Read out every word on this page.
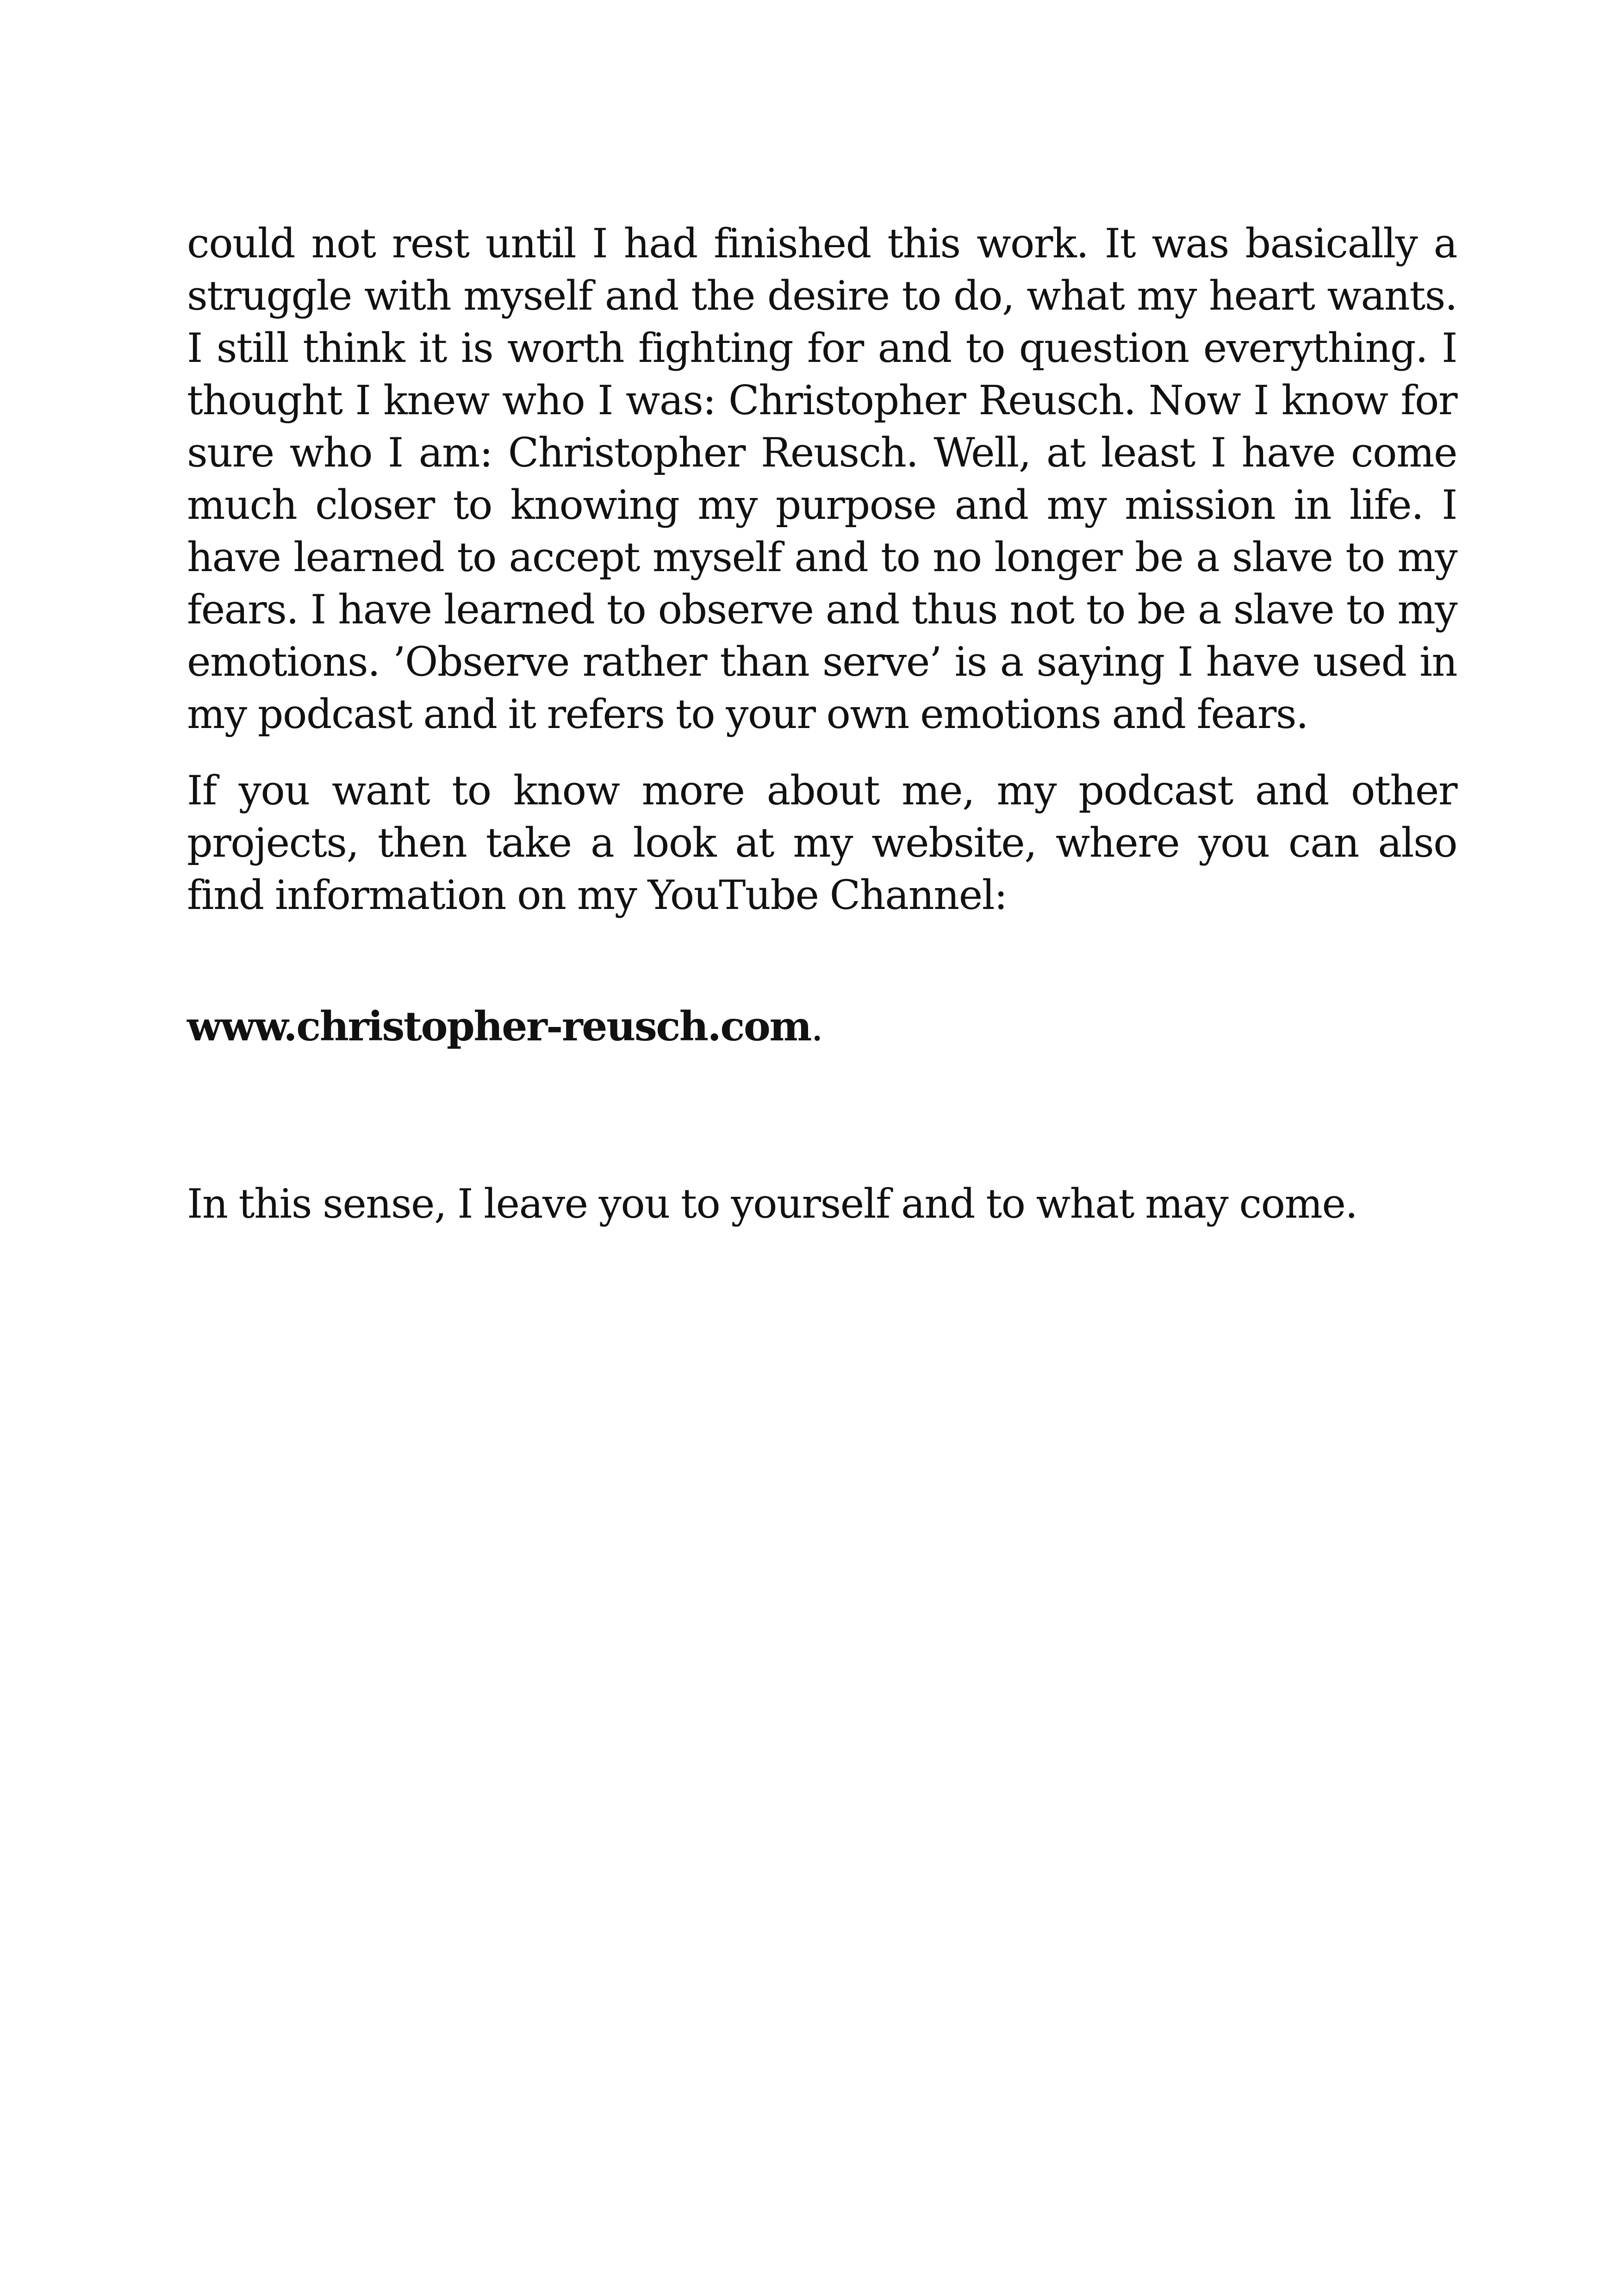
could not rest until I had finished this work. It was basically a struggle with myself and the desire to do, what my heart wants. I still think it is worth fighting for and to question everything. I thought I knew who I was: Christopher Reusch. Now I know for sure who I am: Christopher Reusch. Well, at least I have come much closer to knowing my purpose and my mission in life. I have learned to accept myself and to no longer be a slave to my fears. I have learned to observe and thus not to be a slave to my emotions. ’Observe rather than serve’ is a saying I have used in my podcast and it refers to your own emotions and fears.

If you want to know more about me, my podcast and other projects, then take a look at my website, where you can also find information on my YouTube Channel:

www.christopher-reusch.com.

In this sense, I leave you to yourself and to what may come.
